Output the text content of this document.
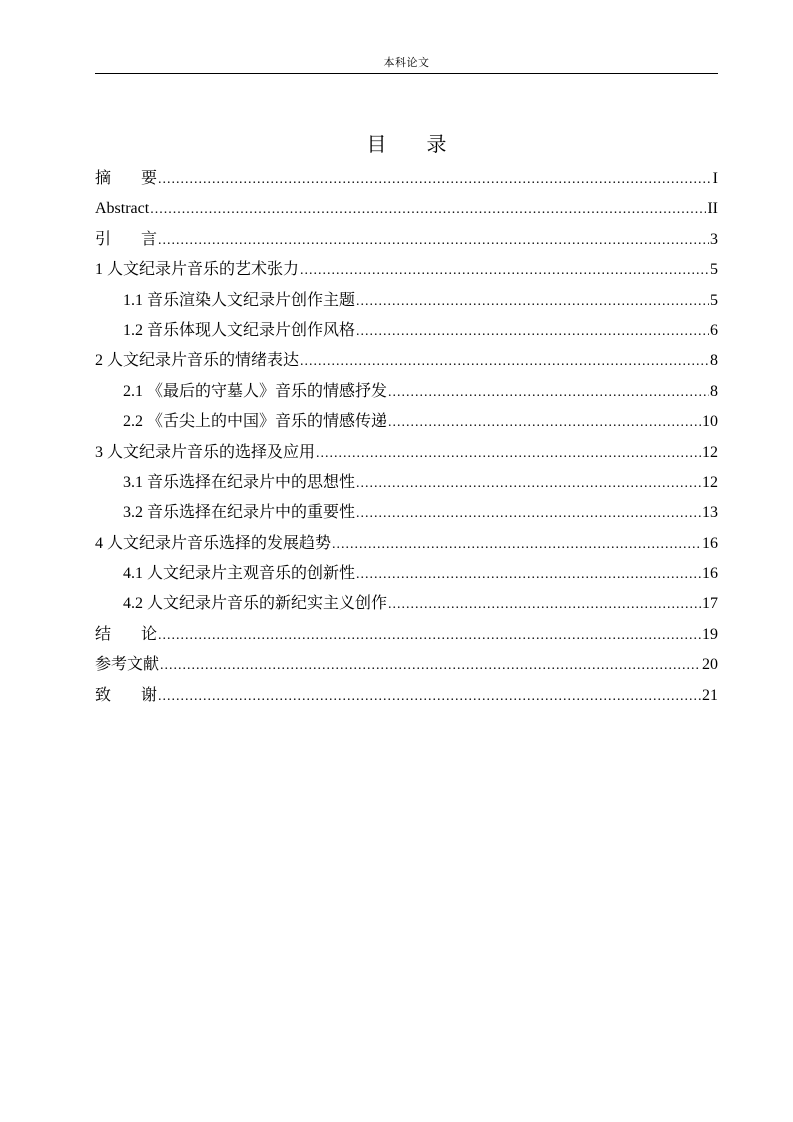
本科论文
目 录
摘要 .....	I
Abstract .....	II
引言 .....	3
1 人文纪录片音乐的艺术张力 .....	5
1.1 音乐渲染人文纪录片创作主题 .....	5
1.2 音乐体现人文纪录片创作风格 .....	6
2 人文纪录片音乐的情绪表达 .....	8
2.1 《最后的守墓人》音乐的情感抒发 .....	8
2.2 《舌尖上的中国》音乐的情感传递 .....	10
3 人文纪录片音乐的选择及应用 .....	12
3.1 音乐选择在纪录片中的思想性 .....	12
3.2 音乐选择在纪录片中的重要性 .....	13
4 人文纪录片音乐选择的发展趋势 .....	16
4.1 人文纪录片主观音乐的创新性 .....	16
4.2 人文纪录片音乐的新纪实主义创作 .....	17
结论 .....	19
参考文献 .....	20
致谢 .....	21
